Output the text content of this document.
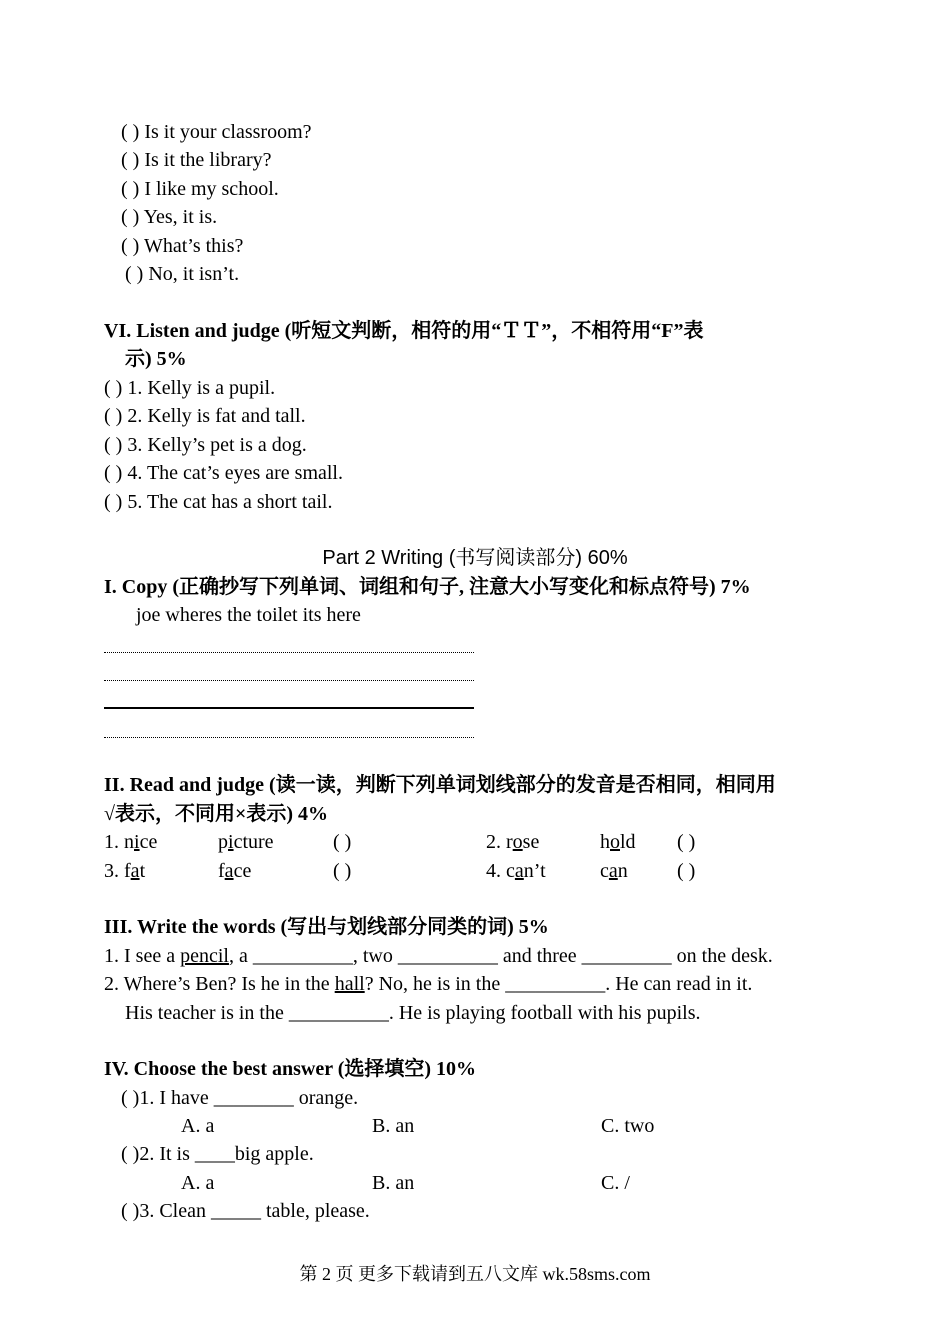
( ) Is it your classroom?
( ) Is it the library?
( ) I like my school.
( ) Yes, it is.
( ) What’s this?
( ) No, it isn’t.
VI. Listen and judge (听短文判断，相符的用“ＴＴ”，不相符用“F”表
示) 5%
( ) 1. Kelly is a pupil.
( ) 2. Kelly is fat and tall.
( ) 3. Kelly’s pet is a dog.
( ) 4. The cat’s eyes are small.
( ) 5. The cat has a short tail.
Part 2 Writing (书写阅读部分) 60%
I. Copy (正确抄写下列单词、词组和句子, 注意大小写变化和标点符号) 7%
joe wheres the toilet its here
II. Read and judge (读一读，判断下列单词划线部分的发音是否相同，相同用
√表示，不同用×表示) 4%
1. nice	picture	( )	2. rose	hold ( )
3. fat	face	( )	4. can’t	can ( )
III. Write the words (写出与划线部分同类的词) 5%
1. I see a pencil, a __________, two __________ and three _________ on the desk.
2. Where’s Ben? Is he in the hall? No, he is in the __________. He can read in it.
His teacher is in the __________. He is playing football with his pupils.
IV. Choose the best answer (选择填空) 10%
( )1. I have ________ orange.
A. a	B. an	C. two
( )2. It is ____big apple.
A. a	B. an	C. /
( )3. Clean _____ table, please.
第 2 页 更多下载请到五八文库 wk.58sms.com
